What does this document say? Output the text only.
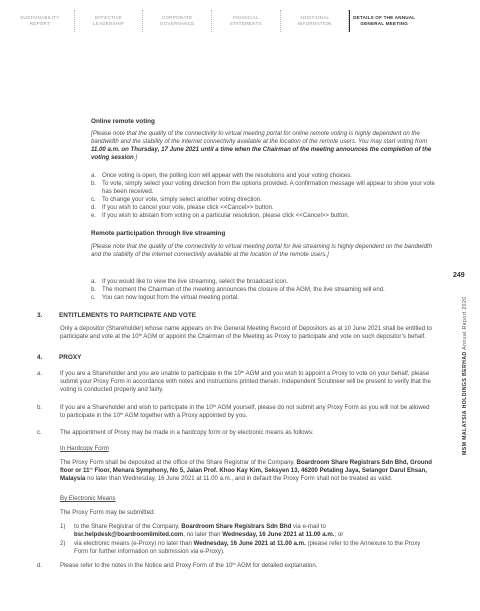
SUSTAINABILITY
REPORT
EFFECTIVE
LEADERSHIP
CORPORATE
GOVERNANCE
FINANCIAL
STATEMENTS
ADDITIONAL
INFORMATION
DETAILS OF THE ANNUAL
GENERAL MEETING
249
MSM MALAYSIA HOLDINGS BERHAD Annual Report 2020
Online remote voting
[Please note that the quality of the connectivity to virtual meeting portal for online remote voting is highly dependent on the bandwidth and the stability of the internet connectivity available at the location of the remote users. You may start voting from 11.00 a.m. on Thursday, 17 June 2021 until a time when the Chairman of the meeting announces the completion of the voting session.]
a. Once voting is open, the polling icon will appear with the resolutions and your voting choices.
b. To vote, simply select your voting direction from the options provided. A confirmation message will appear to show your vote has been received.
c.	To change your vote, simply select another voting direction.
d. If you wish to cancel your vote, please click <<Cancel>> button.
e. If you wish to abstain from voting on a particular resolution, please click <<Cancel>> button.
Remote participation through live streaming
[Please note that the quality of the connectivity to virtual meeting portal for live streaming is highly dependent on the bandwidth and the stability of the internet connectivity available at the location of the remote users.]
a. If you would like to view the live streaming, select the broadcast icon.
b. The moment the Chairman of the meeting announces the closure of the AGM, the live streaming will end.
c.	You can now logout from the virtual meeting portal.
3.	ENTITLEMENTS TO PARTICIPATE AND VOTE
Only a depositor (Shareholder) whose name appears on the General Meeting Record of Depositors as at 10 June 2021 shall be entitled to participate and vote at the 10th AGM or appoint the Chairman of the Meeting as Proxy to participate and vote on such depositor’s behalf.
4.	PROXY
a.	If you are a Shareholder and you are unable to participate in the 10th AGM and you wish to appoint a Proxy to vote on your behalf, please submit your Proxy Form in accordance with notes and instructions printed therein. Independent Scrutineer will be present to verify that the voting is conducted properly and fairly.
b.	If you are a Shareholder and wish to participate in the 10th AGM yourself, please do not submit any Proxy Form as you will not be allowed to participate in the 10th AGM together with a Proxy appointed by you.
c.	The appointment of Proxy may be made in a hardcopy form or by electronic means as follows:
In Hardcopy Form
The Proxy Form shall be deposited at the office of the Share Registrar of the Company, Boardroom Share Registrars Sdn Bhd, Ground floor or 11th Floor, Menara Symphony, No 5, Jalan Prof. Khoo Kay Kim, Seksyen 13, 46200 Petaling Jaya, Selangor Darul Ehsan, Malaysia no later than Wednesday, 16 June 2021 at 11.00 a.m., and in default the Proxy Form shall not be treated as valid.
By Electronic Means
The Proxy Form may be submitted:
1)	to the Share Registrar of the Company, Boardroom Share Registrars Sdn Bhd via e-mail to bsr.helpdesk@boardroomlimited.com, no later than Wednesday, 16 June 2021 at 11.00 a.m.; or
2)	via electronic means (e-Proxy) no later than Wednesday, 16 June 2021 at 11.00 a.m. (please refer to the Annexure to the Proxy Form for further information on submission via e-Proxy).
d.	Please refer to the notes in the Notice and Proxy Form of the 10th AGM for detailed explanation.
